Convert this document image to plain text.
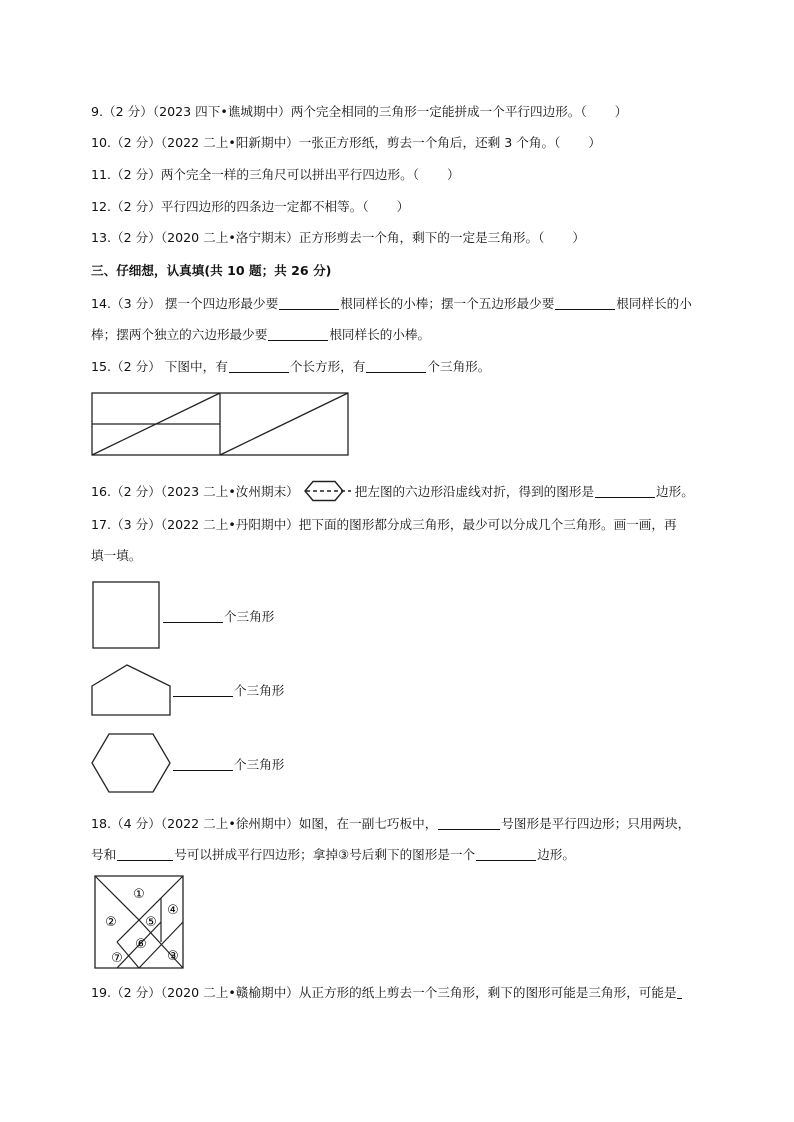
9.（2 分）（2023 四下•谯城期中）两个完全相同的三角形一定能拼成一个平行四边形。（ ）
10.（2 分）（2022 二上•阳新期中）一张正方形纸，剪去一个角后，还剩 3 个角。（ ）
11.（2 分）两个完全一样的三角尺可以拼出平行四边形。（ ）
12.（2 分）平行四边形的四条边一定都不相等。（ ）
13.（2 分）（2020 二上•洛宁期末）正方形剪去一个角，剩下的一定是三角形。（ ）
三、仔细想，认真填(共 10 题；共 26 分)
14.（3 分） 摆一个四边形最少要	根同样长的小棒；摆一个五边形最少要	根同样长的小
棒；摆两个独立的六边形最少要	根同样长的小棒。
15.（2 分） 下图中，有	个长方形，有	个三角形。
16.（2 分）（2023 二上•汝州期末）	把左图的六边形沿虚线对折，得到的图形是	边形。
17.（3 分）（2022 二上•丹阳期中）把下面的图形都分成三角形，最少可以分成几个三角形。画一画，再
填一填。
个三角形
个三角形
个三角形
18.（4 分）（2022 二上•徐州期中）如图，在一副七巧板中，	号图形是平行四边形；只用两块，
号和	号可以拼成平行四边形；拿掉③号后剩下的图形是一个	边形。
①
②
③
④
⑤
⑥
⑦
19.（2 分）（2020 二上•赣榆期中）从正方形的纸上剪去一个三角形，剩下的图形可能是三角形，可能是
